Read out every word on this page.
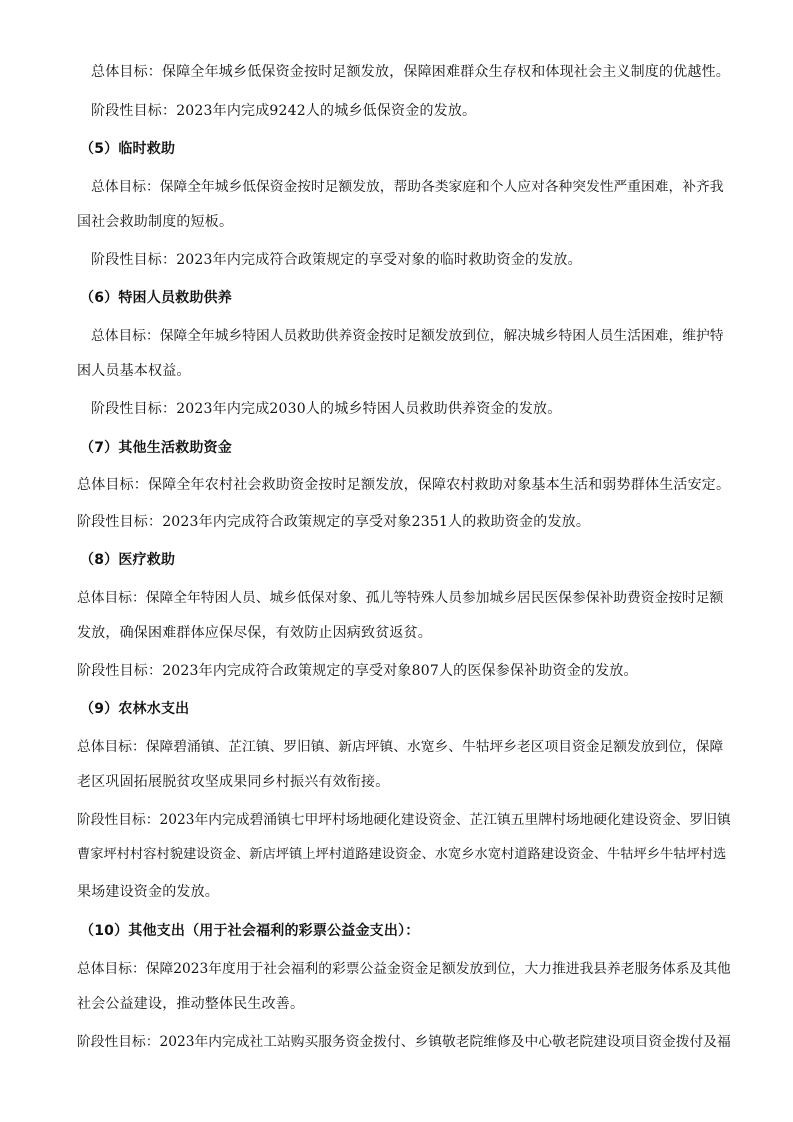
总体目标：保障全年城乡低保资金按时足额发放，保障困难群众生存权和体现社会主义制度的优越性。
阶段性目标：2023年内完成9242人的城乡低保资金的发放。
（5）临时救助
总体目标：保障全年城乡低保资金按时足额发放，帮助各类家庭和个人应对各种突发性严重困难，补齐我
国社会救助制度的短板。
阶段性目标：2023年内完成符合政策规定的享受对象的临时救助资金的发放。
（6）特困人员救助供养
总体目标：保障全年城乡特困人员救助供养资金按时足额发放到位，解决城乡特困人员生活困难，维护特
困人员基本权益。
阶段性目标：2023年内完成2030人的城乡特困人员救助供养资金的发放。
（7）其他生活救助资金
总体目标：保障全年农村社会救助资金按时足额发放，保障农村救助对象基本生活和弱势群体生活安定。
阶段性目标：2023年内完成符合政策规定的享受对象2351人的救助资金的发放。
（8）医疗救助
总体目标：保障全年特困人员、城乡低保对象、孤儿等特殊人员参加城乡居民医保参保补助费资金按时足额
发放，确保困难群体应保尽保，有效防止因病致贫返贫。
阶段性目标：2023年内完成符合政策规定的享受对象807人的医保参保补助资金的发放。
（9）农林水支出
总体目标：保障碧涌镇、芷江镇、罗旧镇、新店坪镇、水宽乡、牛牯坪乡老区项目资金足额发放到位，保障
老区巩固拓展脱贫攻坚成果同乡村振兴有效衔接。
阶段性目标：2023年内完成碧涌镇七甲坪村场地硬化建设资金、芷江镇五里牌村场地硬化建设资金、罗旧镇
曹家坪村村容村貌建设资金、新店坪镇上坪村道路建设资金、水宽乡水宽村道路建设资金、牛牯坪乡牛牯坪村选
果场建设资金的发放。
（10）其他支出（用于社会福利的彩票公益金支出）：
总体目标：保障2023年度用于社会福利的彩票公益金资金足额发放到位，大力推进我县养老服务体系及其他
社会公益建设，推动整体民生改善。
阶段性目标：2023年内完成社工站购买服务资金拨付、乡镇敬老院维修及中心敬老院建设项目资金拨付及福
